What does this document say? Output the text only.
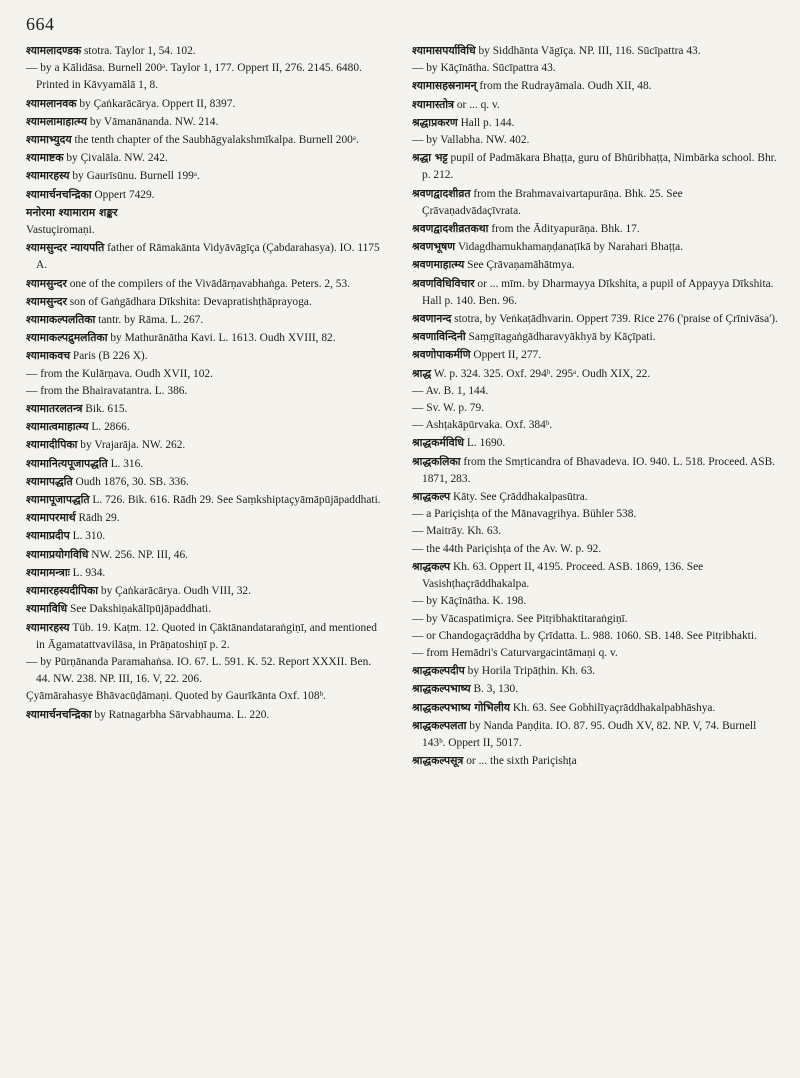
664

श्यामलादण्डक stotra. Taylor 1, 54. 102.

— by a Kālidāsa. Burnell 200ᵃ. Taylor 1, 177. Oppert II, 276. 2145. 6480. Printed in Kāvyamālā 1, 8.

श्यामलानवक by Çaṅkarācārya. Oppert II, 8397.

श्यामलामाहात्म्य by Vāmanānanda. NW. 214.

श्यामाभ्युदय the tenth chapter of the Saubhāgyalakshmīkalpa. Burnell 200ᵃ.

श्यामाष्टक by Çivalāla. NW. 242.

श्यामारहस्य by Gaurīsūnu. Burnell 199ᵃ.

श्यामार्चनचन्द्रिका Oppert 7429.

मनोरमा श्यामाराम शङ्कर

Vastuçiromaṇi.

श्यामसुन्दर न्यायपति father of Rāmakānta Vidyāvāgīça (Çabdarahasya). IO. 1175 A.

श्यामसुन्दर one of the compilers of the Vivādārṇavabhaṅga. Peters. 2, 53.

श्यामसुन्दर son of Gaṅgādhara Dīkshita: Devapratishṭhāprayoga.

श्यामाकल्पलतिका tantr. by Rāma. L. 267.

श्यामाकल्पद्रुमलतिका by Mathurānātha Kavi. L. 1613. Oudh XVIII, 82.

श्यामाकवच Paris (B 226 X).

— from the Kulārṇava. Oudh XVII, 102.

— from the Bhairavatantra. L. 386.

श्यामातरलतन्त्र Bik. 615.

श्यामात्वमाहात्म्य L. 2866.

श्यामादीपिका by Vrajarāja. NW. 262.

श्यामानित्यपूजापद्धति L. 316.

श्यामापद्धति Oudh 1876, 30. SB. 336.

श्यामापूजापद्धति L. 726. Bik. 616. Rādh 29. See Saṃkshiptaçyāmāpūjāpaddhati.

श्यामापरमार्थ Rādh 29.

श्यामाप्रदीप L. 310.

श्यामाप्रयोगविधि NW. 256. NP. III, 46.

श्यामामन्त्राः L. 934.

श्यामारहस्यदीपिका by Çaṅkarācārya. Oudh VIII, 32.

श्यामाविधि See Dakshiṇakālīpūjāpaddhati.

श्यामारहस्य Tüb. 19. Kaṭm. 12. Quoted in Çāktānandataraṅgiṇī, and mentioned in Āgamatattvavilāsa, in Prāṇatoshiṇī p. 2.

— by Pūrṇānanda Paramahaṅsa. IO. 67. L. 591. K. 52. Report XXXII. Ben. 44. NW. 238. NP. III, 16. V, 22. 206.

Çyāmārahasye Bhāvacūḍāmaṇi. Quoted by Gaurīkānta Oxf. 108ᵇ.

श्यामार्चनचन्द्रिका by Ratnagarbha Sārvabhauma. L. 220.

श्यामासपर्याविधि by Siddhānta Vāgīça. NP. III, 116. Sūcīpattra 43.

— by Kāçīnātha. Sūcīpattra 43.

श्यामासहस्रनामन् from the Rudrayāmala. Oudh XII, 48.

श्यामास्तोत्र or ... q. v.

श्रद्धाप्रकरण Hall p. 144.

— by Vallabha. NW. 402.

श्रद्धा भट्ट pupil of Padmākara Bhaṭṭa, guru of Bhūribhaṭṭa, Nimbārka school. Bhr. p. 212.

श्रवणद्वादशीव्रत from the Brahmavaivartapurāṇa. Bhk. 25. See Çrāvaṇadvādaçīvrata.

श्रवणद्वादशीव्रतकथा from the Ādityapurāṇa. Bhk. 17.

श्रवणभूषण Vidagdhamukhamaṇḍanaṭīkā by Narahari Bhaṭṭa.

श्रवणमाहात्म्य See Çrāvaṇamāhātmya.

श्रवणविधिविचार or ... mīm. by Dharmayya Dīkshita, a pupil of Appayya Dīkshita. Hall p. 140. Ben. 96.

श्रवणानन्द stotra, by Veṅkaṭādhvarin. Oppert 739. Rice 276 ('praise of Çrīnivāsa').

श्रवणाविन्दिनी Saṃgītagaṅgādharavyākhyā by Kāçīpati.

श्रवणोपाकर्मणि Oppert II, 277.

श्राद्ध W. p. 324. 325. Oxf. 294ᵇ. 295ᵃ. Oudh XIX, 22.

— Av. B. 1, 144.

— Sv. W. p. 79.

— Ashṭakāpūrvaka. Oxf. 384ᵇ.

श्राद्धकर्मविधि L. 1690.

श्राद्धकलिका from the Smṛticandra of Bhavadeva. IO. 940. L. 518. Proceed. ASB. 1871, 283.

श्राद्धकल्प Kāty. See Çrāddhakalpasūtra.

— a Pariçishṭa of the Mānavagṛihya. Bühler 538.

— Maitrāy. Kh. 63.

— the 44th Pariçishṭa of the Av. W. p. 92.

श्राद्धकल्प Kh. 63. Oppert II, 4195. Proceed. ASB. 1869, 136. See Vasishṭhaçrāddhakalpa.

— by Kāçīnātha. K. 198.

— by Vācaspatimiçra. See Pitṛibhaktitaraṅgiṇī.

— or Chandogaçrāddha by Çrīdatta. L. 988. 1060. SB. 148. See Pitṛibhakti.

— from Hemādri's Caturvargacintāmaṇi q. v.

श्राद्धकल्पदीप by Horila Tripāṭhin. Kh. 63.

श्राद्धकल्पभाष्य B. 3, 130.

श्राद्धकल्पभाष्य गोभिलीय Kh. 63. See Gobhilīyaçrāddhakalpabhāshya.

श्राद्धकल्पलता by Nanda Paṇḍita. IO. 87. 95. Oudh XV, 82. NP. V, 74. Burnell 143ᵇ. Oppert II, 5017.

श्राद्धकल्पसूत्र or ... the sixth Pariçishṭa
